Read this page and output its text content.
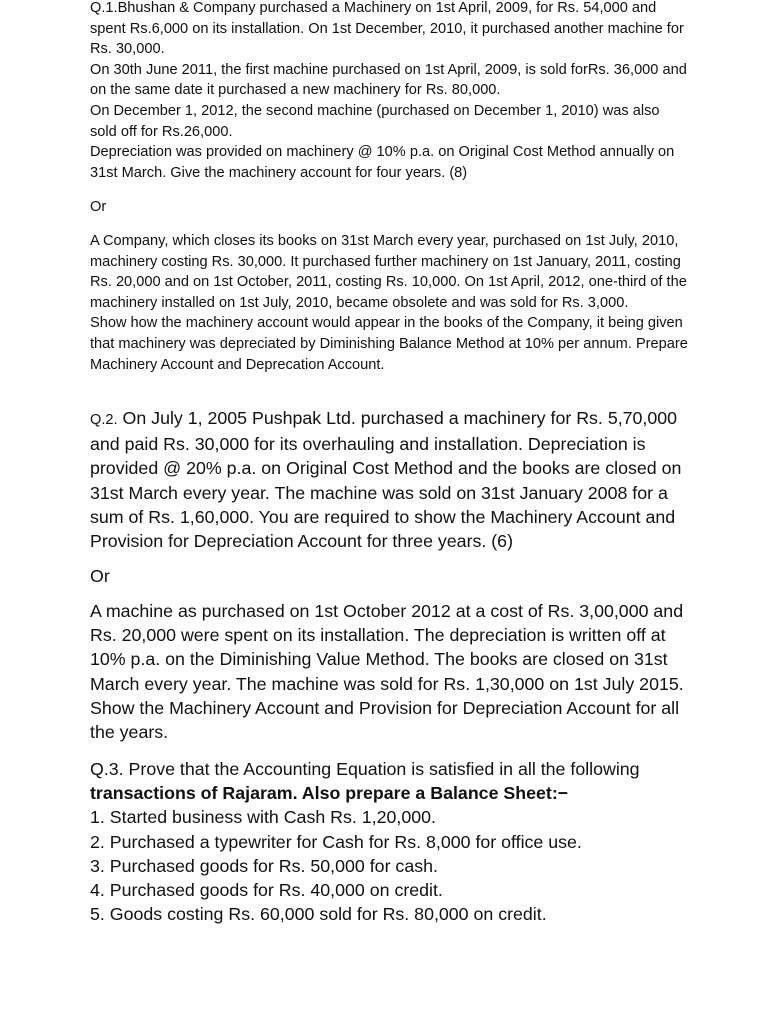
Q.1.Bhushan & Company purchased a Machinery on 1st April, 2009, for Rs. 54,000 and spent Rs.6,000 on its installation. On 1st December, 2010, it purchased another machine for Rs. 30,000.

On 30th June 2011, the first machine purchased on 1st April, 2009, is sold forRs. 36,000 and on the same date it purchased a new machinery for Rs. 80,000.

On December 1, 2012, the second machine (purchased on December 1, 2010) was also sold off for Rs.26,000.

Depreciation was provided on machinery @ 10% p.a. on Original Cost Method annually on 31st March. Give the machinery account for four years. (8)

Or

A Company, which closes its books on 31st March every year, purchased on 1st July, 2010, machinery costing Rs. 30,000. It purchased further machinery on 1st January, 2011, costing Rs. 20,000 and on 1st October, 2011, costing Rs. 10,000. On 1st April, 2012, one-third of the machinery installed on 1st July, 2010, became obsolete and was sold for Rs. 3,000.

Show how the machinery account would appear in the books of the Company, it being given that machinery was depreciated by Diminishing Balance Method at 10% per annum. Prepare Machinery Account and Deprecation Account.

Q.2. On July 1, 2005 Pushpak Ltd. purchased a machinery for Rs. 5,70,000 and paid Rs. 30,000 for its overhauling and installation. Depreciation is provided @ 20% p.a. on Original Cost Method and the books are closed on 31st March every year. The machine was sold on 31st January 2008 for a sum of Rs. 1,60,000. You are required to show the Machinery Account and Provision for Depreciation Account for three years. (6)

Or

A machine as purchased on 1st October 2012 at a cost of Rs. 3,00,000 and Rs. 20,000 were spent on its installation. The depreciation is written off at 10% p.a. on the Diminishing Value Method. The books are closed on 31st March every year. The machine was sold for Rs. 1,30,000 on 1st July 2015. Show the Machinery Account and Provision for Depreciation Account for all the years.

Q.3. Prove that the Accounting Equation is satisfied in all the following

transactions of Rajaram. Also prepare a Balance Sheet:−

1. Started business with Cash Rs. 1,20,000.

2. Purchased a typewriter for Cash for Rs. 8,000 for office use.

3. Purchased goods for Rs. 50,000 for cash.

4. Purchased goods for Rs. 40,000 on credit.

5. Goods costing Rs. 60,000 sold for Rs. 80,000 on credit.
